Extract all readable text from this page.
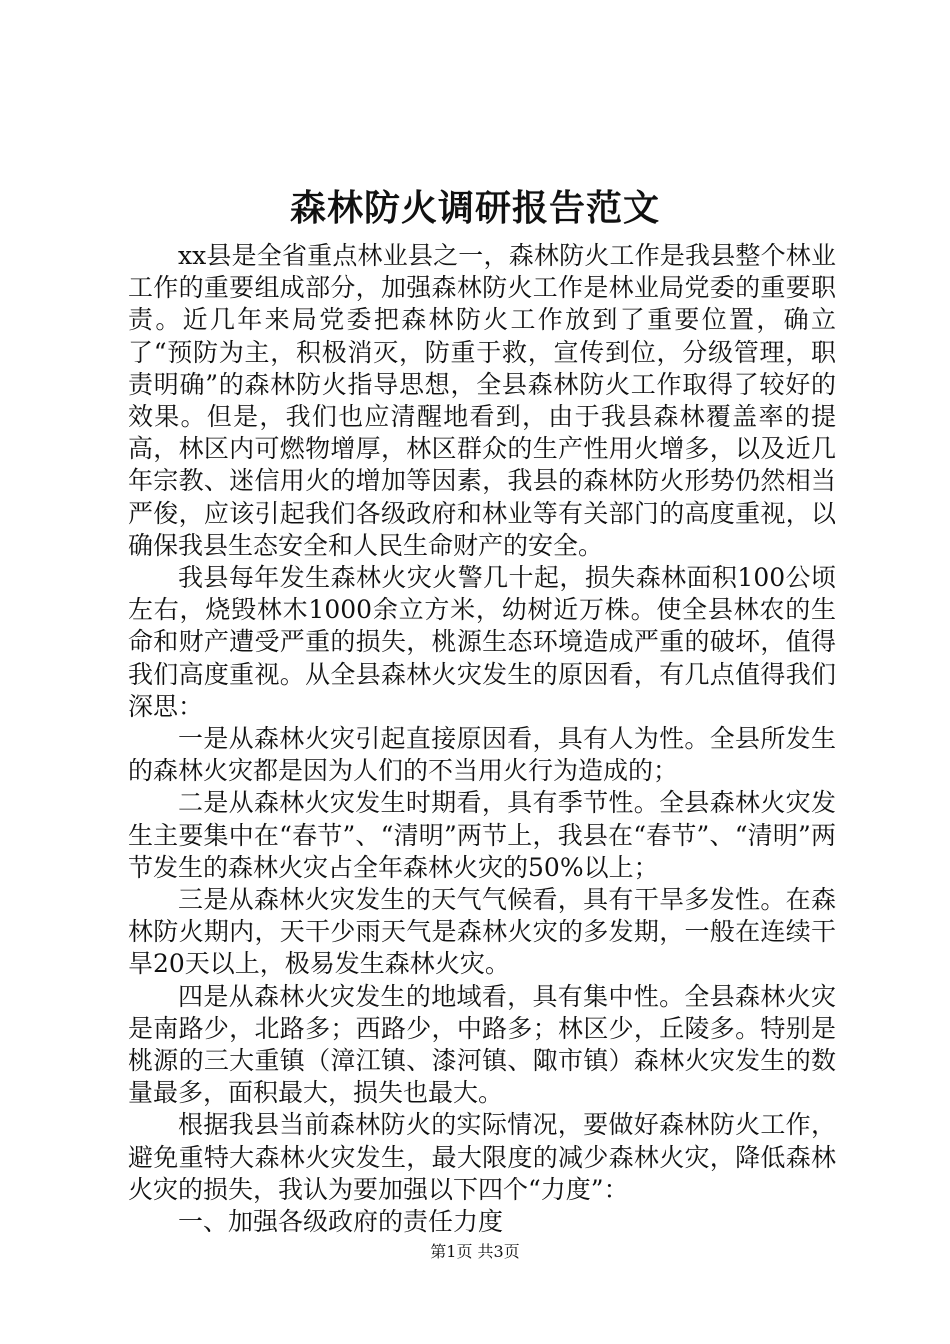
森林防火调研报告范文

xx县是全省重点林业县之一，森林防火工作是我县整个林业工作的重要组成部分，加强森林防火工作是林业局党委的重要职责。近几年来局党委把森林防火工作放到了重要位置，确立了“预防为主，积极消灭，防重于救，宣传到位，分级管理，职责明确”的森林防火指导思想，全县森林防火工作取得了较好的效果。但是，我们也应清醒地看到，由于我县森林覆盖率的提高，林区内可燃物增厚，林区群众的生产性用火增多，以及近几年宗教、迷信用火的增加等因素，我县的森林防火形势仍然相当严俊，应该引起我们各级政府和林业等有关部门的高度重视，以确保我县生态安全和人民生命财产的安全。

我县每年发生森林火灾火警几十起，损失森林面积100公顷左右，烧毁林木1000余立方米，幼树近万株。使全县林农的生命和财产遭受严重的损失，桃源生态环境造成严重的破坏，值得我们高度重视。从全县森林火灾发生的原因看，有几点值得我们深思：

一是从森林火灾引起直接原因看，具有人为性。全县所发生的森林火灾都是因为人们的不当用火行为造成的；

二是从森林火灾发生时期看，具有季节性。全县森林火灾发生主要集中在“春节”、“清明”两节上，我县在“春节”、“清明”两节发生的森林火灾占全年森林火灾的50%以上；

三是从森林火灾发生的天气气候看，具有干旱多发性。在森林防火期内，天干少雨天气是森林火灾的多发期，一般在连续干旱20天以上，极易发生森林火灾。

四是从森林火灾发生的地域看，具有集中性。全县森林火灾是南路少，北路多；西路少，中路多；林区少，丘陵多。特别是桃源的三大重镇（漳江镇、漆河镇、陬市镇）森林火灾发生的数量最多，面积最大，损失也最大。

根据我县当前森林防火的实际情况，要做好森林防火工作，避免重特大森林火灾发生，最大限度的减少森林火灾，降低森林火灾的损失，我认为要加强以下四个“力度”：

一、加强各级政府的责任力度

第1页 共3页
